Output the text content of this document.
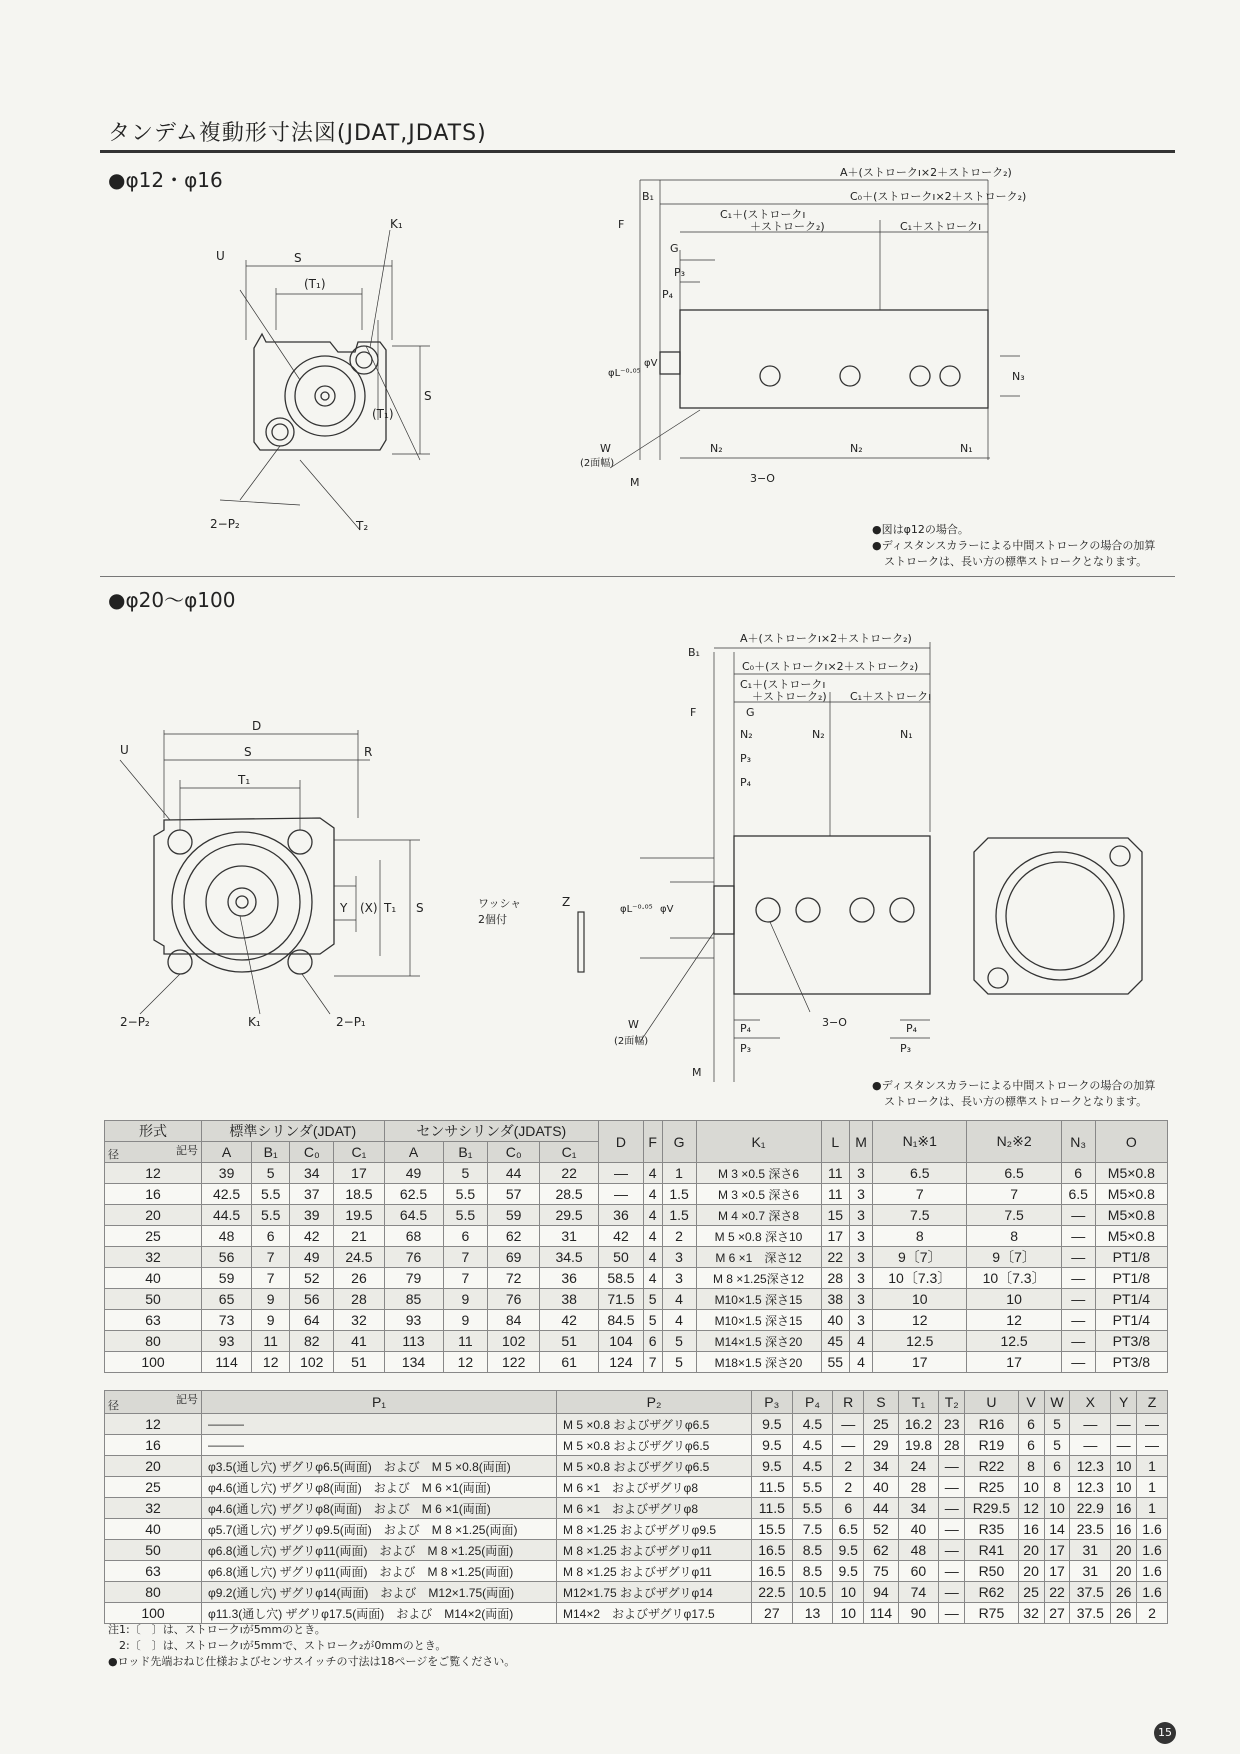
タンデム複動形寸法図(JDAT,JDATS)
●φ12・φ16
S
(T₁)
K₁
U
S
(T₁)
T₂
2−P₂
A＋(ストロークı×2＋ストローク₂)
C₀＋(ストロークı×2＋ストローク₂)
C₁＋(ストロークı
＋ストローク₂)	C₁＋ストロークı
B₁
F
G
P₃
P₄
N₃
N₂	N₂	N₁
3−O
M
W
(2面幅)
φL⁻⁰·⁰⁵
φV
●図はφ12の場合。
●ディスタンスカラーによる中間ストロークの場合の加算
ストロークは、長い方の標準ストロークとなります。
●φ20～φ100
D
S	R
T₁
U
S
T₁
(X)
Y
2−P₂	K₁	2−P₁
ワッシャ
2個付
Z
A＋(ストロークı×2＋ストローク₂)
C₀＋(ストロークı×2＋ストローク₂)
C₁＋(ストロークı
＋ストローク₂) C₁＋ストロークı
B₁
F	G
N₂	N₂	N₁
P₃
P₄
φL⁻⁰·⁰⁵ φV
P₄
P₃
P₄
P₃
3−O
W
(2面幅)
M
●ディスタンスカラーによる中間ストロークの場合の加算
ストロークは、長い方の標準ストロークとなります。
形式	標準シリンダ(JDAT)				センサシリンダ(JDATS)				D	F	G	K₁	L	M	N₁※1	N₂※2	N₃	O

記号
径	A	B₁	C₀	C₁	A	B₁	C₀	C₁										
12	39	5	34	17	49	5	44	22	—	4	1	M 3 ×0.5 深さ6	11	3	6.5	6.5	6	M5×0.8
16	42.5	5.5	37	18.5	62.5	5.5	57	28.5	—	4	1.5	M 3 ×0.5 深さ6	11	3	7	7	6.5	M5×0.8
20	44.5	5.5	39	19.5	64.5	5.5	59	29.5	36	4	1.5	M 4 ×0.7 深さ8	15	3	7.5	7.5	—	M5×0.8
25	48	6	42	21	68	6	62	31	42	4	2	M 5 ×0.8 深さ10	17	3	8	8	—	M5×0.8
32	56	7	49	24.5	76	7	69	34.5	50	4	3	M 6 ×1　深さ12	22	3	9〔7〕	9〔7〕	—	PT1/8
40	59	7	52	26	79	7	72	36	58.5	4	3	M 8 ×1.25深さ12	28	3	10〔7.3〕	10〔7.3〕	—	PT1/8
50	65	9	56	28	85	9	76	38	71.5	5	4	M10×1.5 深さ15	38	3	10	10	—	PT1/4
63	73	9	64	32	93	9	84	42	84.5	5	4	M10×1.5 深さ15	40	3	12	12	—	PT1/4
80	93	11	82	41	113	11	102	51	104	6	5	M14×1.5 深さ20	45	4	12.5	12.5	—	PT3/8
100	114	12	102	51	134	12	122	61	124	7	5	M18×1.5 深さ20	55	4	17	17	—	PT3/8
記号
径	P₁	P₂	P₃	P₄	R	S	T₁	T₂	U	V	W	X	Y	Z
12	———	M 5 ×0.8 およびザグリφ6.5	9.5	4.5	—	25	16.2	23	R16	6	5	—	—	—
16	———	M 5 ×0.8 およびザグリφ6.5	9.5	4.5	—	29	19.8	28	R19	6	5	—	—	—
20	φ3.5(通し穴) ザグリφ6.5(両面)　および　M 5 ×0.8(両面)	M 5 ×0.8 およびザグリφ6.5	9.5	4.5	2	34	24	—	R22	8	6	12.3	10	1
25	φ4.6(通し穴) ザグリφ8(両面)　および　M 6 ×1(両面)	M 6 ×1　およびザグリφ8	11.5	5.5	2	40	28	—	R25	10	8	12.3	10	1
32	φ4.6(通し穴) ザグリφ8(両面)　および　M 6 ×1(両面)	M 6 ×1　およびザグリφ8	11.5	5.5	6	44	34	—	R29.5	12	10	22.9	16	1
40	φ5.7(通し穴) ザグリφ9.5(両面)　および　M 8 ×1.25(両面)	M 8 ×1.25 およびザグリφ9.5	15.5	7.5	6.5	52	40	—	R35	16	14	23.5	16	1.6
50	φ6.8(通し穴) ザグリφ11(両面)　および　M 8 ×1.25(両面)	M 8 ×1.25 およびザグリφ11	16.5	8.5	9.5	62	48	—	R41	20	17	31	20	1.6
63	φ6.8(通し穴) ザグリφ11(両面)　および　M 8 ×1.25(両面)	M 8 ×1.25 およびザグリφ11	16.5	8.5	9.5	75	60	—	R50	20	17	31	20	1.6
80	φ9.2(通し穴) ザグリφ14(両面)　および　M12×1.75(両面)	M12×1.75 およびザグリφ14	22.5	10.5	10	94	74	—	R62	25	22	37.5	26	1.6
100	φ11.3(通し穴) ザグリφ17.5(両面)　および　M14×2(両面)	M14×2　およびザグリφ17.5	27	13	10	114	90	—	R75	32	27	37.5	26	2
注1:〔　〕は、ストロークıが5mmのとき。
　2:〔　〕は、ストロークıが5mmで、ストローク₂が0mmのとき。
●ロッド先端おねじ仕様およびセンサスイッチの寸法は18ページをご覧ください。
15
